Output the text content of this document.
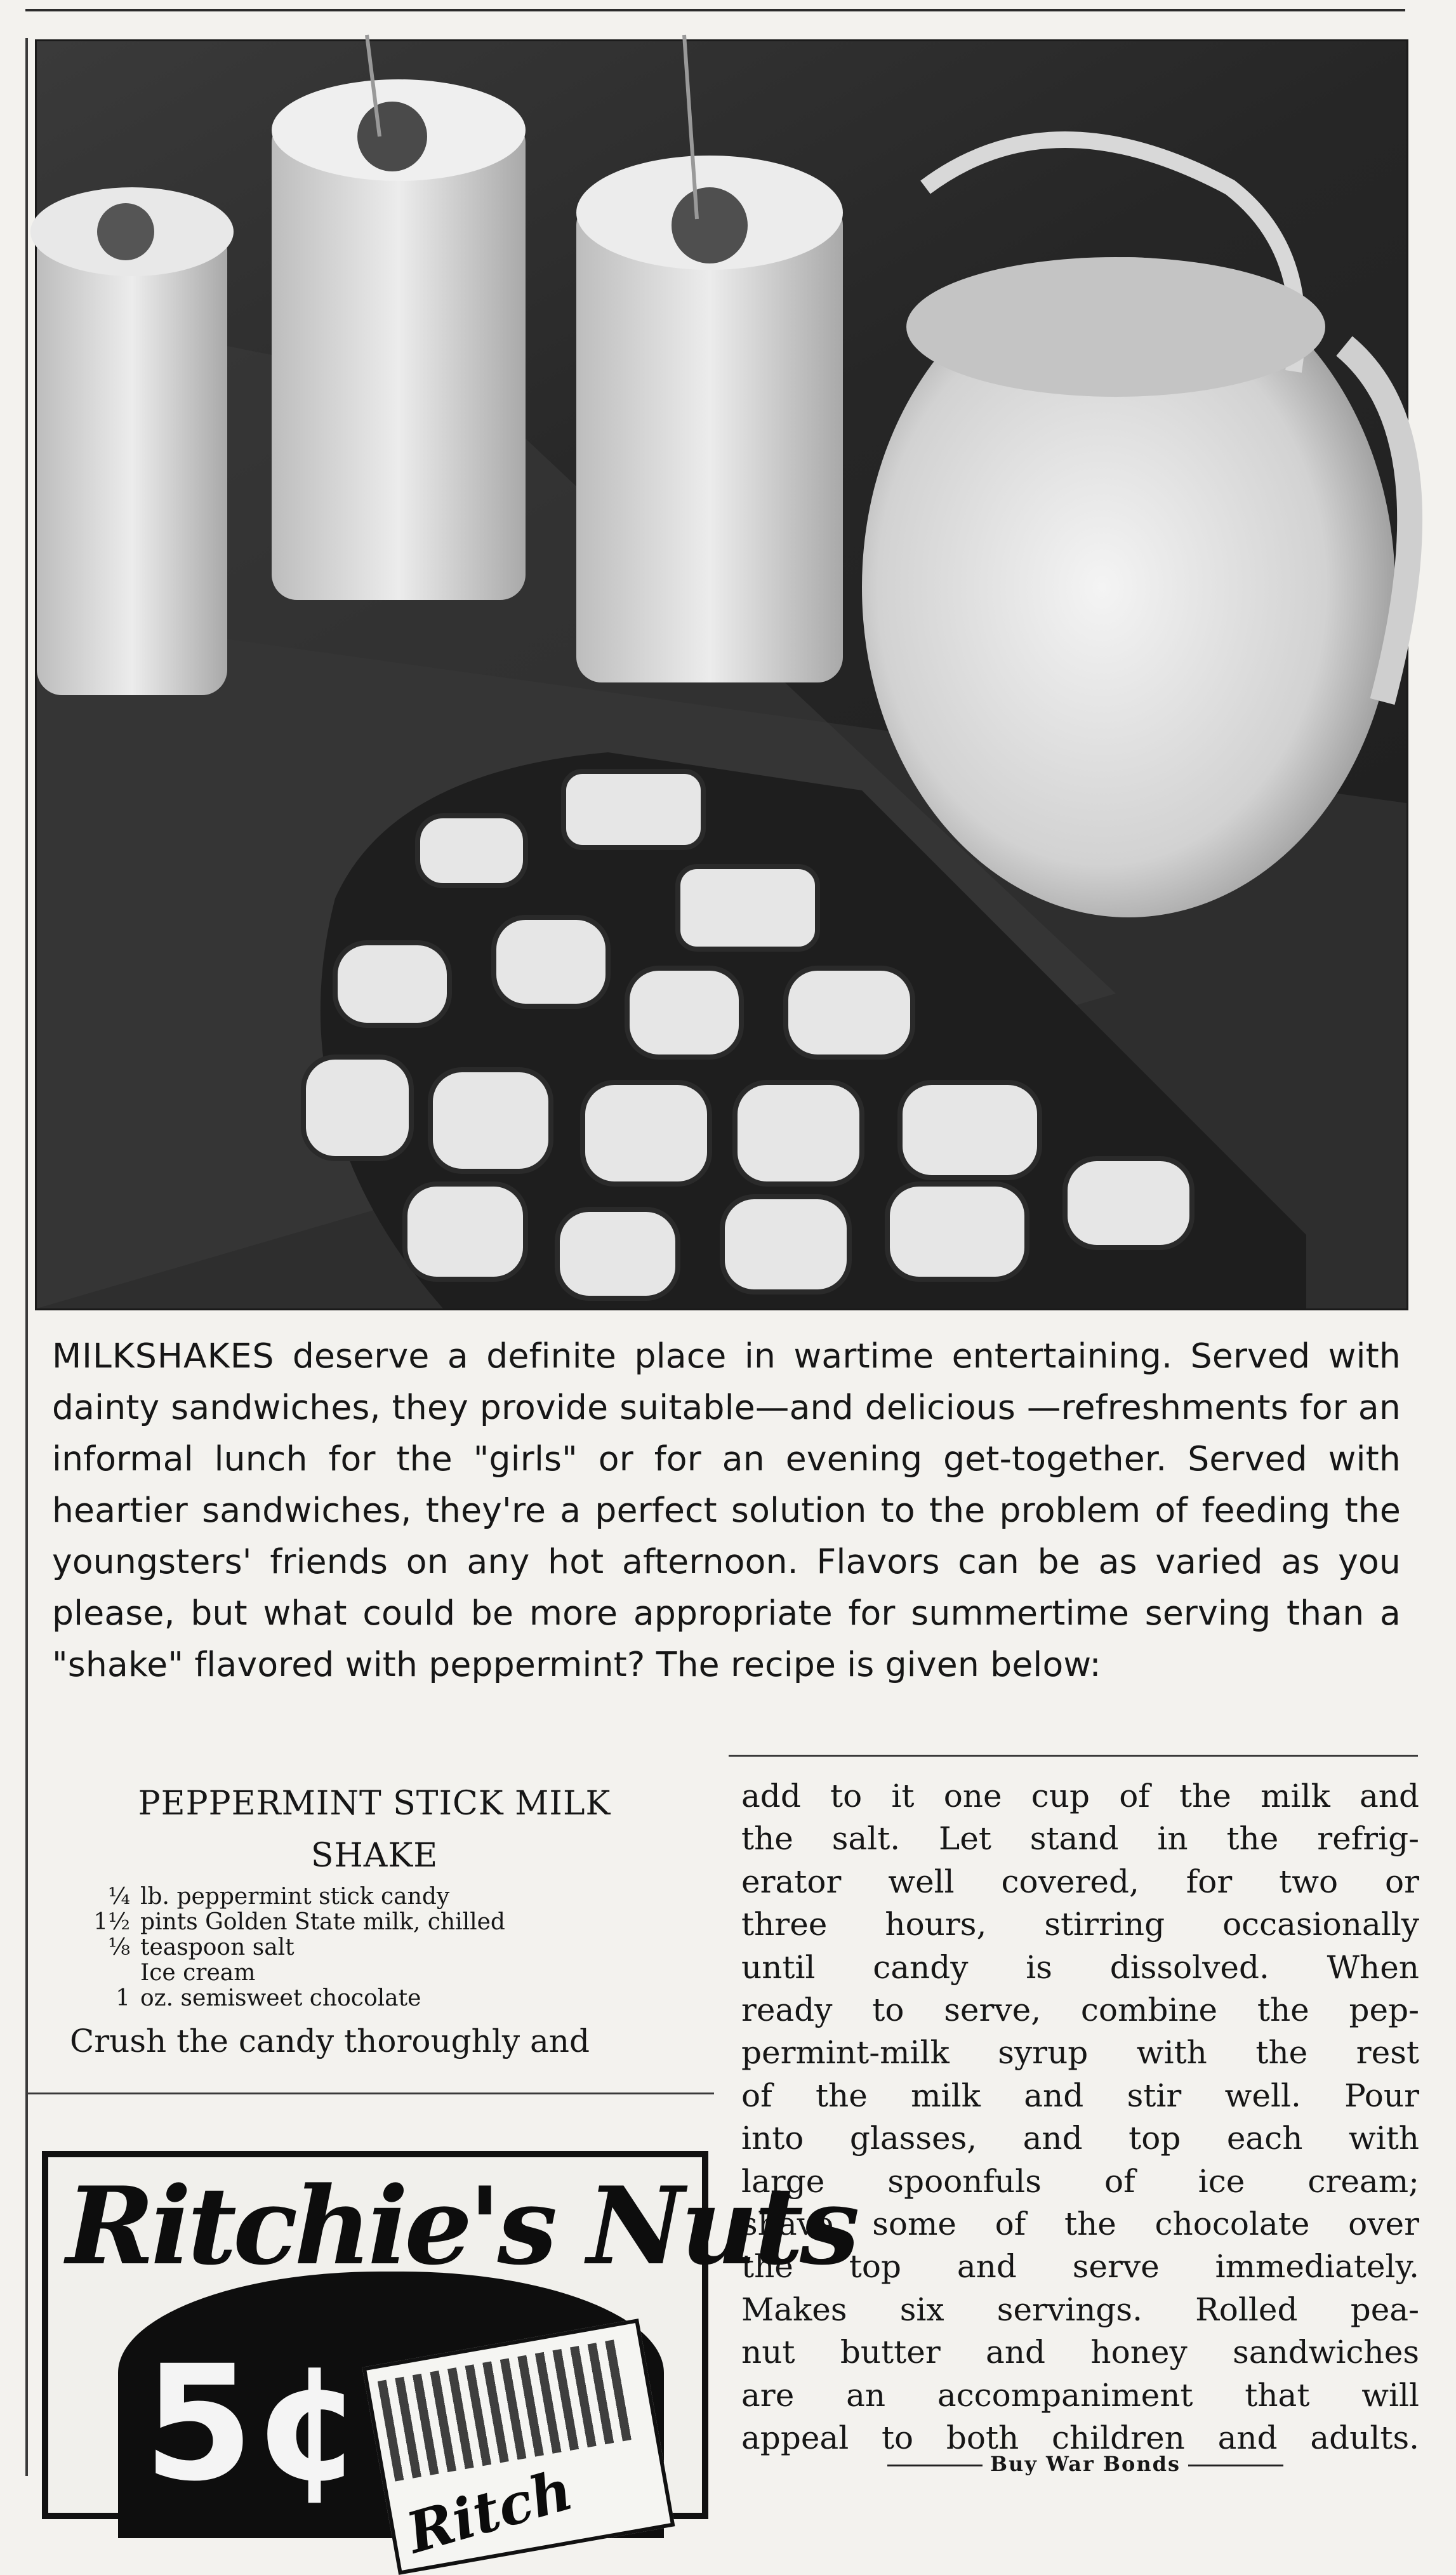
MILKSHAKES deserve a definite place in wartime entertaining. Served with dainty sandwiches, they provide suitable—and delicious —refreshments for an informal lunch for the "girls" or for an evening get-together. Served with heartier sandwiches, they're a perfect solution to the problem of feeding the youngsters' friends on any hot afternoon. Flavors can be as varied as you please, but what could be more appropriate for summertime serving than a "shake" flavored with peppermint? The recipe is given below:
PEPPERMINT STICK MILK
SHAKE
¼ lb. peppermint stick candy
1½ pints Golden State milk, chilled
⅛ teaspoon salt
Ice cream
1 oz. semisweet chocolate
Crush the candy thoroughly and
add to it one cup of the milk and
the salt. Let stand in the refrig-
erator well covered, for two or
three hours, stirring occasionally
until candy is dissolved. When
ready to serve, combine the pep-
permint-milk syrup with the rest
of the milk and stir well. Pour
into glasses, and top each with
large spoonfuls of ice cream;
shave some of the chocolate over
the top and serve immediately.
Makes six servings. Rolled pea-
nut butter and honey sandwiches
are an accompaniment that will
appeal to both children and adults.
Buy War Bonds
Ritchie's Nuts
5¢ Ritch
